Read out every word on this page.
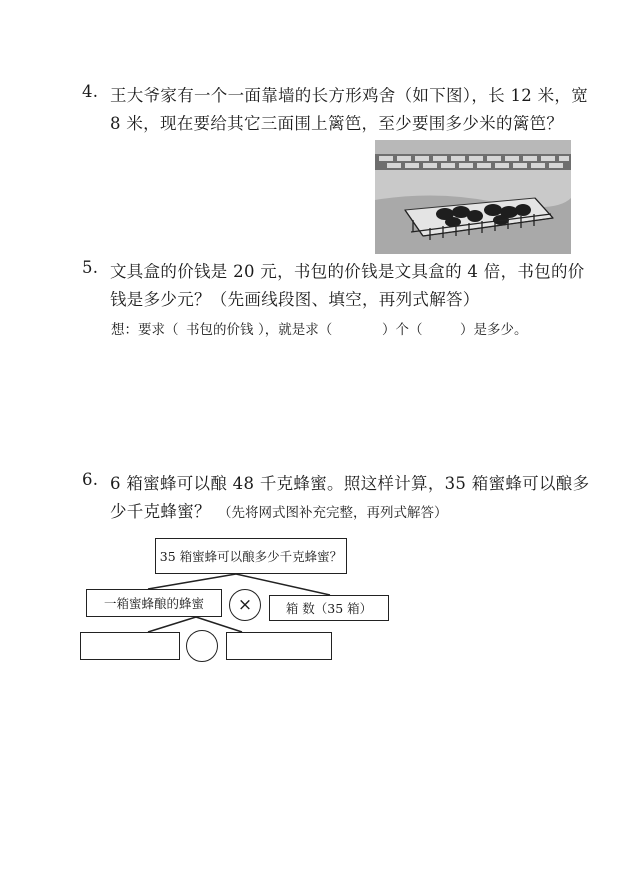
4. 王大爷家有一个一面靠墙的长方形鸡舍（如下图），长 12 米，宽
8 米，现在要给其它三面围上篱笆，至少要围多少米的篱笆？
5. 文具盒的价钱是 20 元，书包的价钱是文具盒的 4 倍，书包的价
钱是多少元？（先画线段图、填空，再列式解答）
想：要求（ 书包的价钱 ），就是求（	）个（	）是多少。
6. 6 箱蜜蜂可以酿 48 千克蜂蜜。照这样计算，35 箱蜜蜂可以酿多
少千克蜂蜜？ （先将网式图补充完整，再列式解答）
35 箱蜜蜂可以酿多少千克蜂蜜？
一箱蜜蜂酿的蜂蜜	×	箱 数（35 箱）
